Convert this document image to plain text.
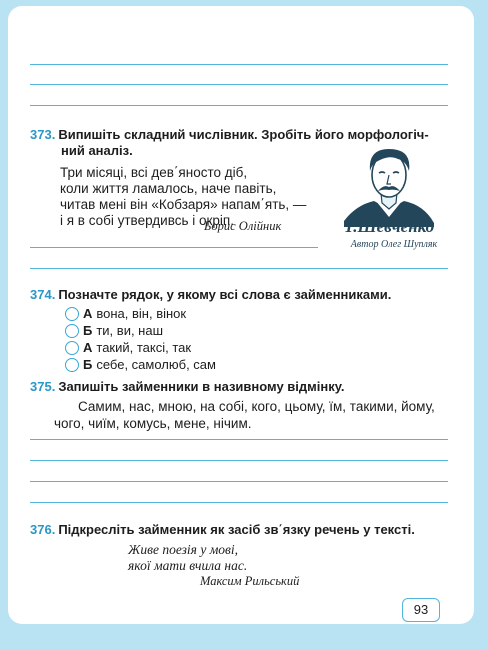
373. Випишіть складний числівник. Зробіть його морфологіч-
ний аналіз.
Три місяці, всі дев΄яносто діб,
коли життя ламалось, наче павіть,
читав мені він «Кобзаря» напам΄ять, —
і я в собі утвердивсь і окріп.
Борис Олійник	Т.Шевченко
Автор Олег Шупляк
374. Позначте рядок, у якому всі слова є займенниками.
А вона, він, вінок
Б ти, ви, наш
А такий, таксі, так
Б себе, самолюб, сам
375. Запишіть займенники в називному відмінку.
Самим, нас, мною, на собі, кого, цьому, їм, такими, йому,
чого, чиїм, комусь, мене, нічим.
376. Підкресліть займенник як засіб зв΄язку речень у тексті.
Живе поезія у мові,
якої мати вчила нас.
Максим Рильський
93
